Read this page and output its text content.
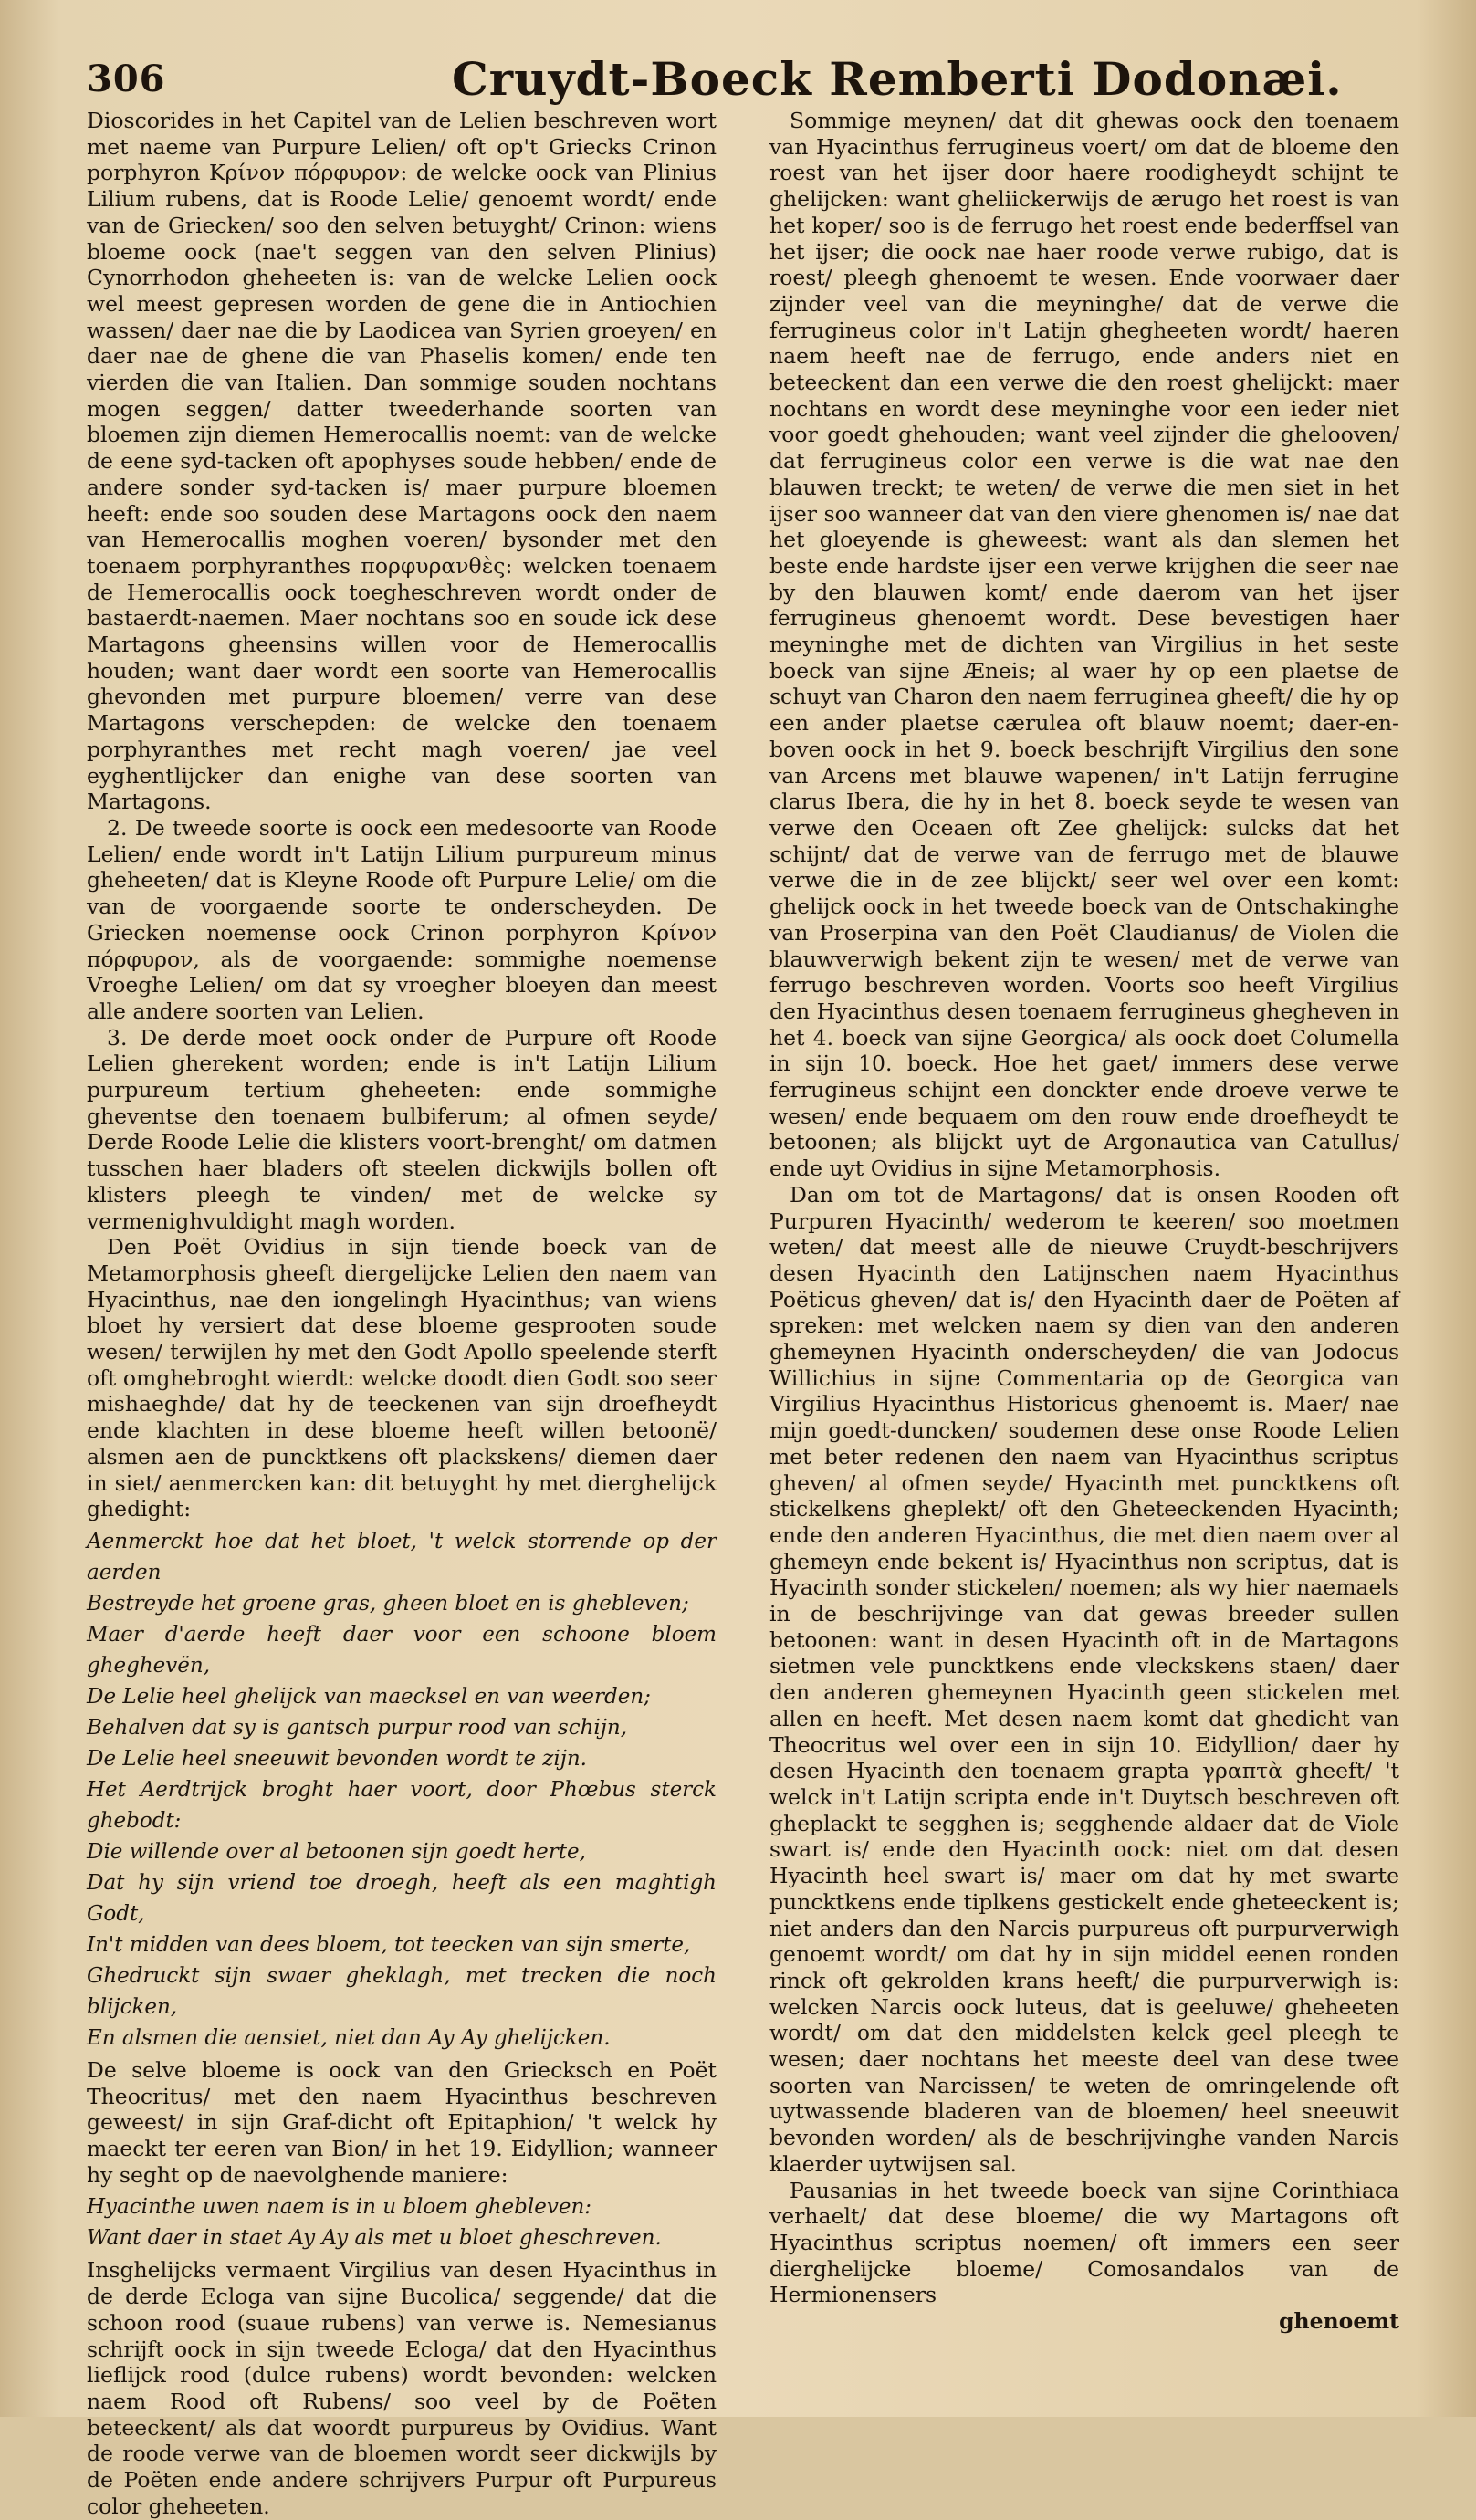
306	Cruydt-Boeck Remberti Dodonæi.

Dioscorides in het Capitel van de Lelien beschreven wort met naeme van Purpure Lelien/ oft op't Griecks Crinon porphyron Κρίνον πόρφυρον: de welcke oock van Plinius Lilium rubens, dat is Roode Lelie/ genoemt wordt/ ende van de Griecken/ soo den selven betuyght/ Crinon: wiens bloeme oock (nae't seggen van den selven Plinius) Cynorrhodon gheheeten is: van de welcke Lelien oock wel meest gepresen worden de gene die in Antiochien wassen/ daer nae die by Laodicea van Syrien groeyen/ en daer nae de ghene die van Phaselis komen/ ende ten vierden die van Italien. Dan sommige souden nochtans mogen seggen/ datter tweederhande soorten van bloemen zijn diemen Hemerocallis noemt: van de welcke de eene syd-tacken oft apophyses soude hebben/ ende de andere sonder syd-tacken is/ maer purpure bloemen heeft: ende soo souden dese Martagons oock den naem van Hemerocallis moghen voeren/ bysonder met den toenaem porphyranthes πορφυρανθὲς: welcken toenaem de Hemerocallis oock toegheschreven wordt onder de bastaerdt-naemen. Maer nochtans soo en soude ick dese Martagons gheensins willen voor de Hemerocallis houden; want daer wordt een soorte van Hemerocallis ghevonden met purpure bloemen/ verre van dese Martagons verschepden: de welcke den toenaem porphyranthes met recht magh voeren/ jae veel eyghentlijcker dan enighe van dese soorten van Martagons.

2. De tweede soorte is oock een medesoorte van Roode Lelien/ ende wordt in't Latijn Lilium purpureum minus gheheeten/ dat is Kleyne Roode oft Purpure Lelie/ om die van de voorgaende soorte te onderscheyden. De Griecken noemense oock Crinon porphyron Κρίνον πόρφυρον, als de voorgaende: sommighe noemense Vroeghe Lelien/ om dat sy vroegher bloeyen dan meest alle andere soorten van Lelien.

3. De derde moet oock onder de Purpure oft Roode Lelien gherekent worden; ende is in't Latijn Lilium purpureum tertium gheheeten: ende sommighe gheventse den toenaem bulbiferum; al ofmen seyde/ Derde Roode Lelie die klisters voort-brenght/ om datmen tusschen haer bladers oft steelen dickwijls bollen oft klisters pleegh te vinden/ met de welcke sy vermenighvuldight magh worden.

Den Poët Ovidius in sijn tiende boeck van de Metamorphosis gheeft diergelijcke Lelien den naem van Hyacinthus, nae den iongelingh Hyacinthus; van wiens bloet hy versiert dat dese bloeme gesprooten soude wesen/ terwijlen hy met den Godt Apollo speelende sterft oft omghebroght wierdt: welcke doodt dien Godt soo seer mishaeghde/ dat hy de teeckenen van sijn droefheydt ende klachten in dese bloeme heeft willen betoonë/ alsmen aen de puncktkens oft plackskens/ diemen daer in siet/ aenmercken kan: dit betuyght hy met dierghelijck ghedight:

Aenmerckt hoe dat het bloet, 't welck storrende op der aerden

Bestreyde het groene gras, gheen bloet en is ghebleven;

Maer d'aerde heeft daer voor een schoone bloem gheghevën,

De Lelie heel ghelijck van maecksel en van weerden;

Behalven dat sy is gantsch purpur rood van schijn,

De Lelie heel sneeuwit bevonden wordt te zijn.

Het Aerdtrijck broght haer voort, door Phœbus sterck ghebodt:

Die willende over al betoonen sijn goedt herte,

Dat hy sijn vriend toe droegh, heeft als een maghtigh Godt,

In't midden van dees bloem, tot teecken van sijn smerte,

Ghedruckt sijn swaer gheklagh, met trecken die noch blijcken,

En alsmen die aensiet, niet dan Ay Ay ghelijcken.

De selve bloeme is oock van den Griecksch en Poët Theocritus/ met den naem Hyacinthus beschreven geweest/ in sijn Graf-dicht oft Epitaphion/ 't welck hy maeckt ter eeren van Bion/ in het 19. Eidyllion; wanneer hy seght op de naevolghende maniere:

Hyacinthe uwen naem is in u bloem ghebleven:

Want daer in staet Ay Ay als met u bloet gheschreven.

Insghelijcks vermaent Virgilius van desen Hyacinthus in de derde Ecloga van sijne Bucolica/ seggende/ dat die schoon rood (suaue rubens) van verwe is. Nemesianus schrijft oock in sijn tweede Ecloga/ dat den Hyacinthus lieflijck rood (dulce rubens) wordt bevonden: welcken naem Rood oft Rubens/ soo veel by de Poëten beteeckent/ als dat woordt purpureus by Ovidius. Want de roode verwe van de bloemen wordt seer dickwijls by de Poëten ende andere schrijvers Purpur oft Purpureus color gheheeten.

Sommige meynen/ dat dit ghewas oock den toenaem van Hyacinthus ferrugineus voert/ om dat de bloeme den roest van het ijser door haere roodigheydt schijnt te ghelijcken: want gheliickerwijs de ærugo het roest is van het koper/ soo is de ferrugo het roest ende bederffsel van het ijser; die oock nae haer roode verwe rubigo, dat is roest/ pleegh ghenoemt te wesen. Ende voorwaer daer zijnder veel van die meyninghe/ dat de verwe die ferrugineus color in't Latijn ghegheeten wordt/ haeren naem heeft nae de ferrugo, ende anders niet en beteeckent dan een verwe die den roest ghelijckt: maer nochtans en wordt dese meyninghe voor een ieder niet voor goedt ghehouden; want veel zijnder die ghelooven/ dat ferrugineus color een verwe is die wat nae den blauwen treckt; te weten/ de verwe die men siet in het ijser soo wanneer dat van den viere ghenomen is/ nae dat het gloeyende is gheweest: want als dan slemen het beste ende hardste ijser een verwe krijghen die seer nae by den blauwen komt/ ende daerom van het ijser ferrugineus ghenoemt wordt. Dese bevestigen haer meyninghe met de dichten van Virgilius in het seste boeck van sijne Æneis; al waer hy op een plaetse de schuyt van Charon den naem ferruginea gheeft/ die hy op een ander plaetse cærulea oft blauw noemt; daer-en-boven oock in het 9. boeck beschrijft Virgilius den sone van Arcens met blauwe wapenen/ in't Latijn ferrugine clarus Ibera, die hy in het 8. boeck seyde te wesen van verwe den Oceaen oft Zee ghelijck: sulcks dat het schijnt/ dat de verwe van de ferrugo met de blauwe verwe die in de zee blijckt/ seer wel over een komt: ghelijck oock in het tweede boeck van de Ontschakinghe van Proserpina van den Poët Claudianus/ de Violen die blauwverwigh bekent zijn te wesen/ met de verwe van ferrugo beschreven worden. Voorts soo heeft Virgilius den Hyacinthus desen toenaem ferrugineus ghegheven in het 4. boeck van sijne Georgica/ als oock doet Columella in sijn 10. boeck. Hoe het gaet/ immers dese verwe ferrugineus schijnt een donckter ende droeve verwe te wesen/ ende bequaem om den rouw ende droefheydt te betoonen; als blijckt uyt de Argonautica van Catullus/ ende uyt Ovidius in sijne Metamorphosis.

Dan om tot de Martagons/ dat is onsen Rooden oft Purpuren Hyacinth/ wederom te keeren/ soo moetmen weten/ dat meest alle de nieuwe Cruydt-beschrijvers desen Hyacinth den Latijnschen naem Hyacinthus Poëticus gheven/ dat is/ den Hyacinth daer de Poëten af spreken: met welcken naem sy dien van den anderen ghemeynen Hyacinth onderscheyden/ die van Jodocus Willichius in sijne Commentaria op de Georgica van Virgilius Hyacinthus Historicus ghenoemt is. Maer/ nae mijn goedt-duncken/ soudemen dese onse Roode Lelien met beter redenen den naem van Hyacinthus scriptus gheven/ al ofmen seyde/ Hyacinth met puncktkens oft stickelkens gheplekt/ oft den Gheteeckenden Hyacinth; ende den anderen Hyacinthus, die met dien naem over al ghemeyn ende bekent is/ Hyacinthus non scriptus, dat is Hyacinth sonder stickelen/ noemen; als wy hier naemaels in de beschrijvinge van dat gewas breeder sullen betoonen: want in desen Hyacinth oft in de Martagons sietmen vele puncktkens ende vleckskens staen/ daer den anderen ghemeynen Hyacinth geen stickelen met allen en heeft. Met desen naem komt dat ghedicht van Theocritus wel over een in sijn 10. Eidyllion/ daer hy desen Hyacinth den toenaem grapta γραπτὰ gheeft/ 't welck in't Latijn scripta ende in't Duytsch beschreven oft gheplackt te segghen is; segghende aldaer dat de Viole swart is/ ende den Hyacinth oock: niet om dat desen Hyacinth heel swart is/ maer om dat hy met swarte puncktkens ende tiplkens gestickelt ende gheteeckent is; niet anders dan den Narcis purpureus oft purpurverwigh genoemt wordt/ om dat hy in sijn middel eenen ronden rinck oft gekrolden krans heeft/ die purpurverwigh is: welcken Narcis oock luteus, dat is geeluwe/ gheheeten wordt/ om dat den middelsten kelck geel pleegh te wesen; daer nochtans het meeste deel van dese twee soorten van Narcissen/ te weten de omringelende oft uytwassende bladeren van de bloemen/ heel sneeuwit bevonden worden/ als de beschrijvinghe vanden Narcis klaerder uytwijsen sal.

Pausanias in het tweede boeck van sijne Corinthiaca verhaelt/ dat dese bloeme/ die wy Martagons oft Hyacinthus scriptus noemen/ oft immers een seer dierghelijcke bloeme/ Comosandalos van de Hermionensers

ghenoemt
